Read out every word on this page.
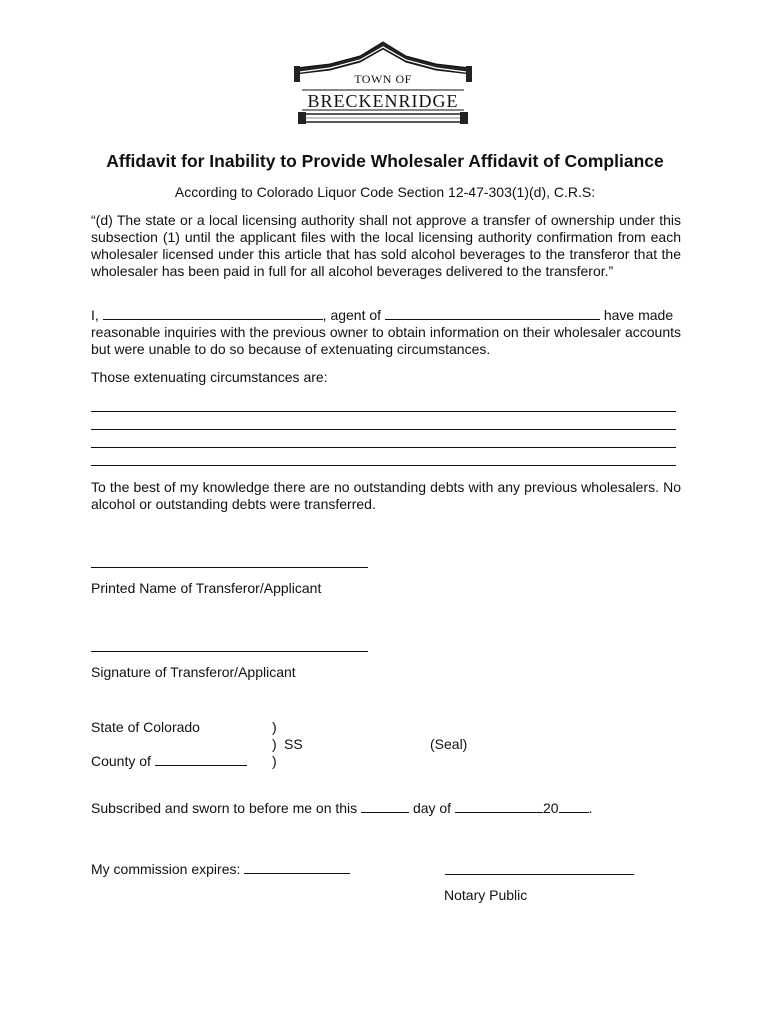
TOWN OF
BRECKENRIDGE
Affidavit for Inability to Provide Wholesaler Affidavit of Compliance
According to Colorado Liquor Code Section 12-47-303(1)(d), C.R.S:
“(d) The state or a local licensing authority shall not approve a transfer of ownership under this
subsection (1) until the applicant files with the local licensing authority confirmation from each
wholesaler licensed under this article that has sold alcohol beverages to the transferor that the
wholesaler has been paid in full for all alcohol beverages delivered to the transferor.”
I,	, agent of	have made
reasonable inquiries with the previous owner to obtain information on their wholesaler accounts
but were unable to do so because of extenuating circumstances.
Those extenuating circumstances are:
To the best of my knowledge there are no outstanding debts with any previous wholesalers. No
alcohol or outstanding debts were transferred.
Printed Name of Transferor/Applicant
Signature of Transferor/Applicant
State of Colorado	)
) SS	(Seal)
County of	)
Subscribed and sworn to before me on this	day of	20 .
My commission expires:
Notary Public
